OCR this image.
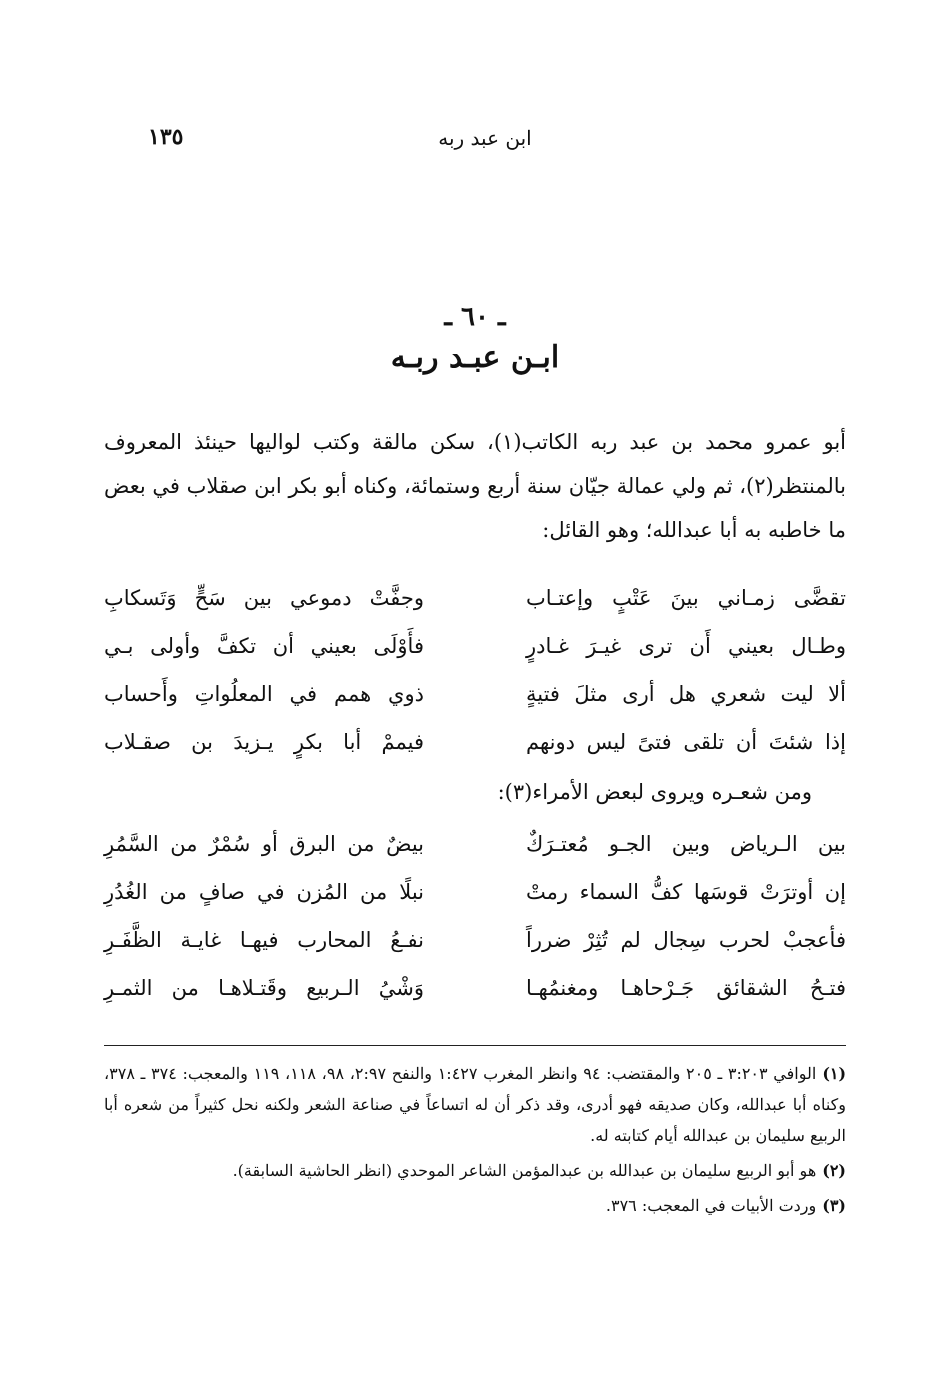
١٣٥	ابن عبد ربه
ـ ٦٠ ـ
ابـن عبـد ربـه

أبو عمرو محمد بن عبد ربه الكاتب(١)، سكن مالقة وكتب لواليها حينئذ المعروف بالمنتظر(٢)، ثم ولي عمالة جيّان سنة أربع وستمائة، وكناه أبو بكر ابن صقلاب في بعض ما خاطبه به أبا عبدالله؛ وهو القائل:

تقضَّى زمـاني بينَ عَتْبٍ وإعتـاب
وجفَّتْ دموعي بين سَحٍّ وَتَسكابِ
وطـال بعيني أَن ترى غيـرَ غـادرٍ
فأَوْلَى بعيني أن تكفَّ وأولى بـي
ألا ليت شعري هل أرى مثلَ فتيةٍ
ذوي همم في المعلُواتِ وأَحساب
إذا شئتَ أن تلقى فتىً ليس دونهم
فيممْ أبا بكرٍ يـزيدَ بن صقـلاب
ومن شعـره ويروى لبعض الأمراء(٣):
بين الـرياض وبين الجـو مُعتـرَكٌ
بيضٌ من البرق أو سُمْرٌ من السَّمُرِ
إن أوترَتْ قوسَها كفُّ السماء رمتْ
نبلًا من المُزن في صافٍ من الغُدُرِ
فأعجبْ لحرب سِجال لم تُثِرْ ضرراً
نفـعُ المحارب فيهـا غايـة الظَّفَـرِ
فتـحُ الشقائق جَـرْحاهـا ومغنمُهـا
وَشْيُ الـربيع وقَتـلاهـا من الثمـرِ

(١)الوافي ٣:٢٠٣ ـ ٢٠٥ والمقتضب: ٩٤ وانظر المغرب ١:٤٢٧ والنفح ٢:٩٧، ٩٨، ١١٨، ١١٩ والمعجب: ٣٧٤ ـ ٣٧٨، وكناه أبا عبدالله، وكان صديقه فهو أدرى، وقد ذكر أن له اتساعاً في صناعة الشعر ولكنه نحل كثيراً من شعره أبا الربيع سليمان بن عبدالله أيام كتابته له.

(٢)هو أبو الربيع سليمان بن عبدالله بن عبدالمؤمن الشاعر الموحدي (انظر الحاشية السابقة).

(٣)وردت الأبيات في المعجب: ٣٧٦.
